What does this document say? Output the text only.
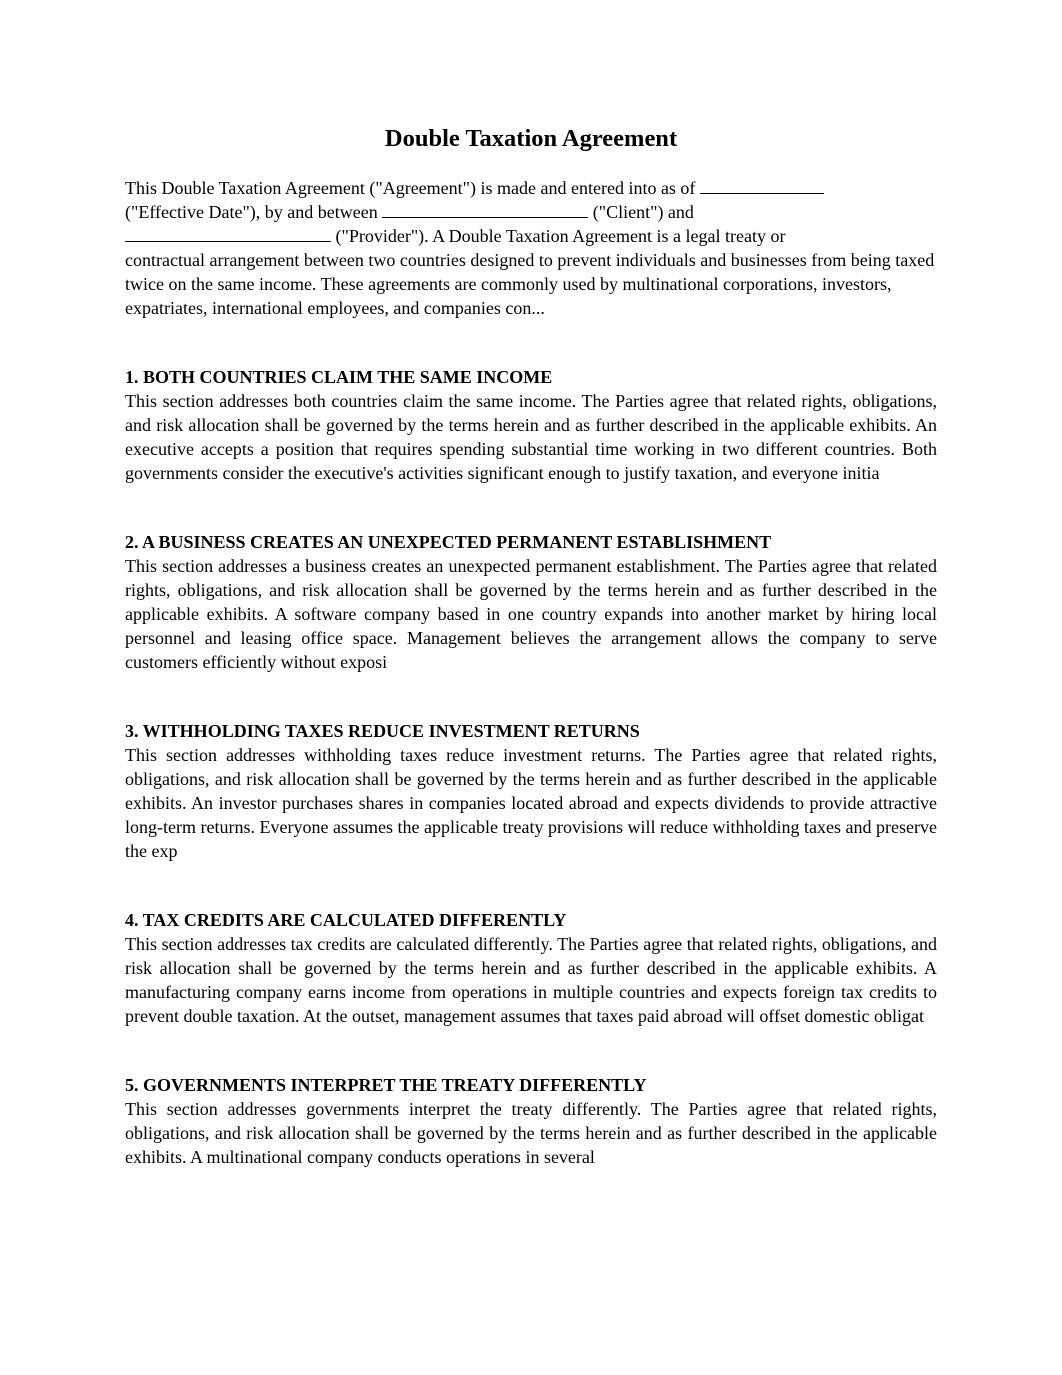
Double Taxation Agreement
This Double Taxation Agreement ("Agreement") is made and entered into as of
("Effective Date"), by and between	("Client") and
("Provider"). A Double Taxation Agreement is a legal treaty or
contractual arrangement between two countries designed to prevent individuals and businesses from being taxed twice on the same income. These agreements are commonly used by multinational corporations, investors, expatriates, international employees, and companies con...
1. BOTH COUNTRIES CLAIM THE SAME INCOME

This section addresses both countries claim the same income. The Parties agree that related rights, obligations, and risk allocation shall be governed by the terms herein and as further described in the applicable exhibits. An executive accepts a position that requires spending substantial time working in two different countries. Both governments consider the executive's activities significant enough to justify taxation, and everyone initia

2. A BUSINESS CREATES AN UNEXPECTED PERMANENT ESTABLISHMENT

This section addresses a business creates an unexpected permanent establishment. The Parties agree that related rights, obligations, and risk allocation shall be governed by the terms herein and as further described in the applicable exhibits. A software company based in one country expands into another market by hiring local personnel and leasing office space. Management believes the arrangement allows the company to serve customers efficiently without exposi

3. WITHHOLDING TAXES REDUCE INVESTMENT RETURNS

This section addresses withholding taxes reduce investment returns. The Parties agree that related rights, obligations, and risk allocation shall be governed by the terms herein and as further described in the applicable exhibits. An investor purchases shares in companies located abroad and expects dividends to provide attractive long-term returns. Everyone assumes the applicable treaty provisions will reduce withholding taxes and preserve the exp

4. TAX CREDITS ARE CALCULATED DIFFERENTLY

This section addresses tax credits are calculated differently. The Parties agree that related rights, obligations, and risk allocation shall be governed by the terms herein and as further described in the applicable exhibits. A manufacturing company earns income from operations in multiple countries and expects foreign tax credits to prevent double taxation. At the outset, management assumes that taxes paid abroad will offset domestic obligat

5. GOVERNMENTS INTERPRET THE TREATY DIFFERENTLY

This section addresses governments interpret the treaty differently. The Parties agree that related rights, obligations, and risk allocation shall be governed by the terms herein and as further described in the applicable exhibits. A multinational company conducts operations in several
